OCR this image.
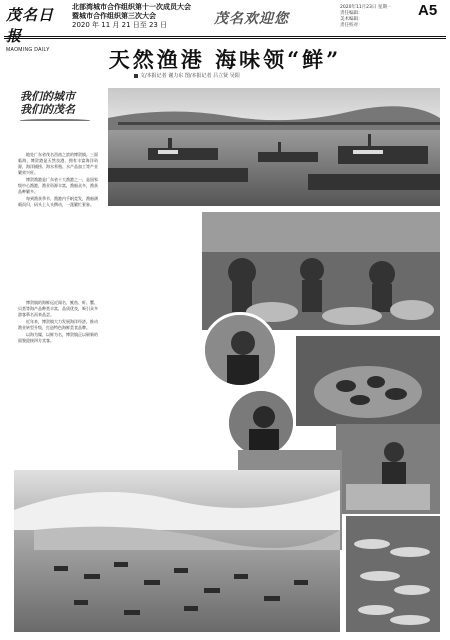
茂名日
MAOMING DAILY
北部湾城市合作组织第十一次成员大会
暨城市合作组织第三次大会
2020 年 11 月 21 日至 23 日	茂名欢迎您
2020年11月23日 星期一
责任编辑：
美术编辑：
责任校对：
A5
天然渔港 海味领“鲜”
文/本报记者 谢力东 图/本报记者 吕立贤 吴阳
我们的城市
我们的茂名

地处广东省茂名西南之滨的博贺镇，三面临海，博贺港是天然良港，拥有丰富海洋资源，海洋捕捞、海水养殖、水产品加工等产业繁荣兴旺。

博贺渔港是广东省十大渔港之一，是国家级中心渔港，渔业资源丰富，渔船众多，渔获品种繁多。

每到渔获季节，渔港内千帆竞发，渔船满载而归，码头上人头攒动，一派繁忙景象。

博贺镇的海鲜远近闻名，鱿鱼、虾、蟹、贝类等海产品种类丰富，品质优良，吸引众多游客慕名而来品尝。

近年来，博贺镇大力发展海洋经济，推动渔业转型升级，打造特色海鲜美食品牌。

以海为媒，以鲜为名，博贺镇正以崭新的面貌迎接四方宾客。
